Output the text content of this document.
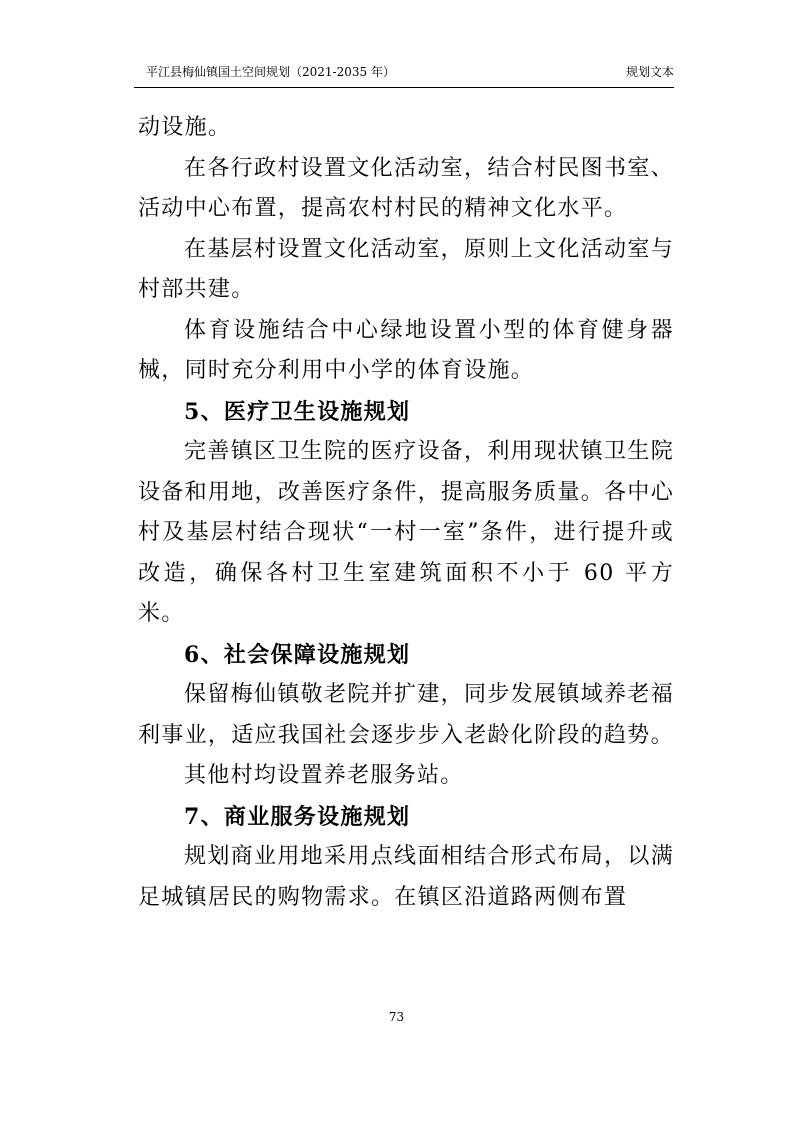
平江县梅仙镇国土空间规划（2021-2035 年）	规划文本

动设施。

在各行政村设置文化活动室，结合村民图书室、活动中心布置，提高农村村民的精神文化水平。

在基层村设置文化活动室，原则上文化活动室与村部共建。

体育设施结合中心绿地设置小型的体育健身器械，同时充分利用中小学的体育设施。

5、医疗卫生设施规划

完善镇区卫生院的医疗设备，利用现状镇卫生院设备和用地，改善医疗条件，提高服务质量。各中心村及基层村结合现状“一村一室”条件，进行提升或改造，确保各村卫生室建筑面积不小于 60 平方米。

6、社会保障设施规划

保留梅仙镇敬老院并扩建，同步发展镇域养老福利事业，适应我国社会逐步步入老龄化阶段的趋势。

其他村均设置养老服务站。

7、商业服务设施规划

规划商业用地采用点线面相结合形式布局，以满足城镇居民的购物需求。在镇区沿道路两侧布置

73
